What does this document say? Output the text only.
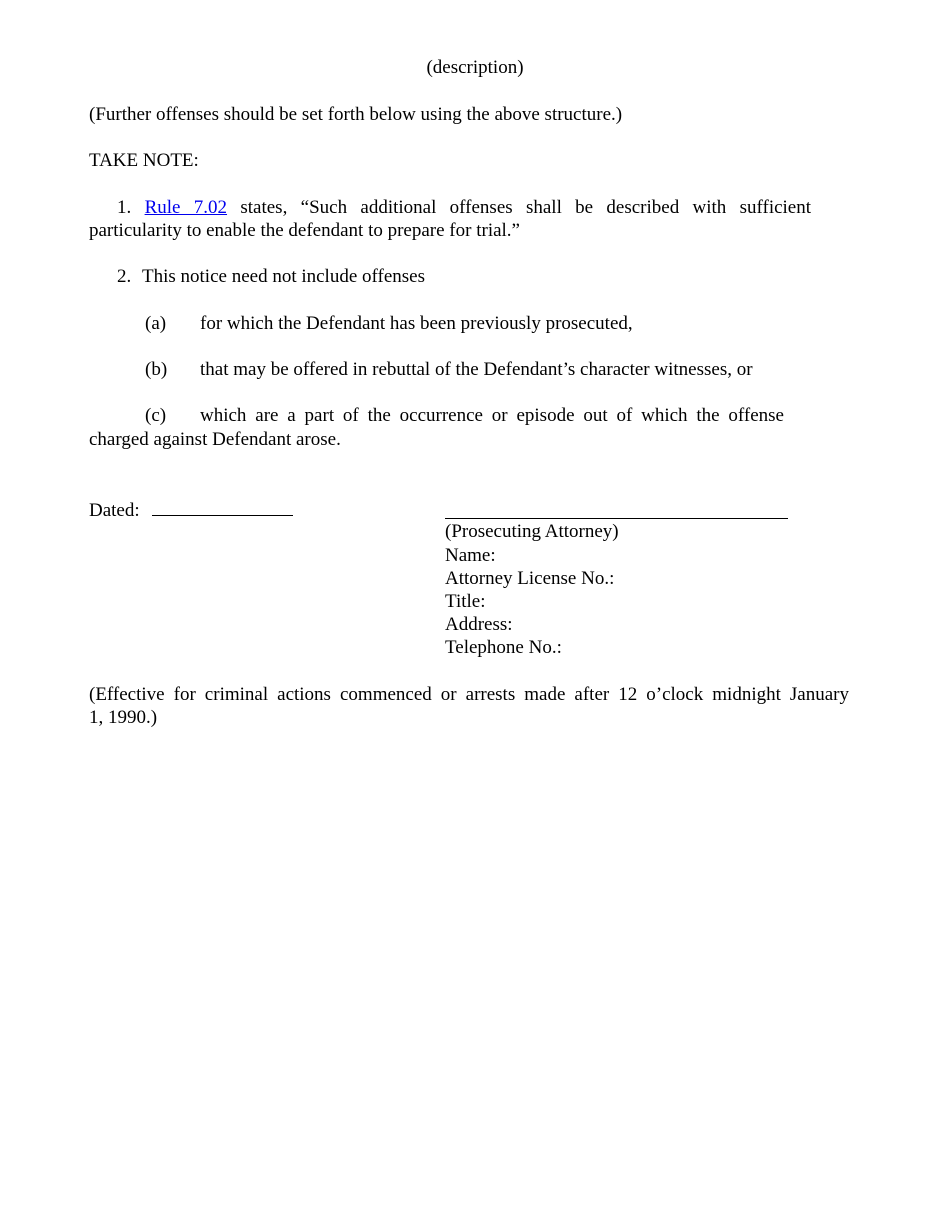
(description)
(Further offenses should be set forth below using the above structure.)
TAKE NOTE:
1. Rule 7.02 states, “Such additional offenses shall be described with sufficient
particularity to enable the defendant to prepare for trial.”
2. This notice need not include offenses
(a) for which the Defendant has been previously prosecuted,
(b) that may be offered in rebuttal of the Defendant’s character witnesses, or
(c) which are a part of the occurrence or episode out of which the offense
charged against Defendant arose.
Dated:
(Prosecuting Attorney)
Name:
Attorney License No.:
Title:
Address:
Telephone No.:
(Effective for criminal actions commenced or arrests made after 12 o’clock midnight January
1, 1990.)
